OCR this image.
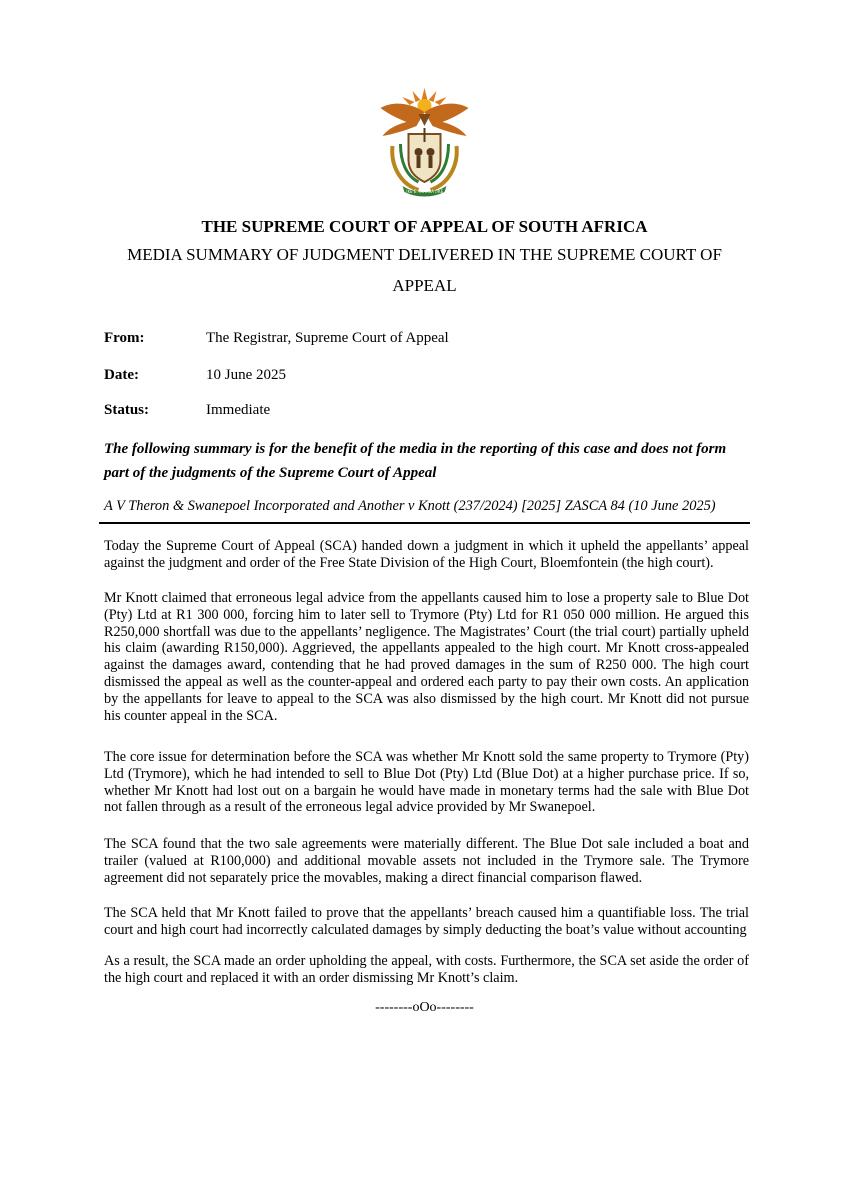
!KE E: /XARRA //KE
THE SUPREME COURT OF APPEAL OF SOUTH AFRICA
MEDIA SUMMARY OF JUDGMENT DELIVERED IN THE SUPREME COURT OF
APPEAL
From:	The Registrar, Supreme Court of Appeal
Date:	10 June 2025
Status:	Immediate
The following summary is for the benefit of the media in the reporting of this case and does not form part of the judgments of the Supreme Court of Appeal
A V Theron & Swanepoel Incorporated and Another v Knott (237/2024) [2025] ZASCA 84 (10 June 2025)

Today the Supreme Court of Appeal (SCA) handed down a judgment in which it upheld the appellants’ appeal against the judgment and order of the Free State Division of the High Court, Bloemfontein (the high court).

Mr Knott claimed that erroneous legal advice from the appellants caused him to lose a property sale to Blue Dot (Pty) Ltd at R1 300 000, forcing him to later sell to Trymore (Pty) Ltd for R1 050 000 million. He argued this R250,000 shortfall was due to the appellants’ negligence. The Magistrates’ Court (the trial court) partially upheld his claim (awarding R150,000). Aggrieved, the appellants appealed to the high court. Mr Knott cross-appealed against the damages award, contending that he had proved damages in the sum of R250 000. The high court dismissed the appeal as well as the counter-appeal and ordered each party to pay their own costs. An application by the appellants for leave to appeal to the SCA was also dismissed by the high court. Mr Knott did not pursue his counter appeal in the SCA.

The core issue for determination before the SCA was whether Mr Knott sold the same property to Trymore (Pty) Ltd (Trymore), which he had intended to sell to Blue Dot (Pty) Ltd (Blue Dot) at a higher purchase price. If so, whether Mr Knott had lost out on a bargain he would have made in monetary terms had the sale with Blue Dot not fallen through as a result of the erroneous legal advice provided by Mr Swanepoel.

The SCA found that the two sale agreements were materially different. The Blue Dot sale included a boat and trailer (valued at R100,000) and additional movable assets not included in the Trymore sale. The Trymore agreement did not separately price the movables, making a direct financial comparison flawed.

The SCA held that Mr Knott failed to prove that the appellants’ breach caused him a quantifiable loss. The trial court and high court had incorrectly calculated damages by simply deducting the boat’s value without accounting

As a result, the SCA made an order upholding the appeal, with costs. Furthermore, the SCA set aside the order of the high court and replaced it with an order dismissing Mr Knott’s claim.

--------oOo--------
